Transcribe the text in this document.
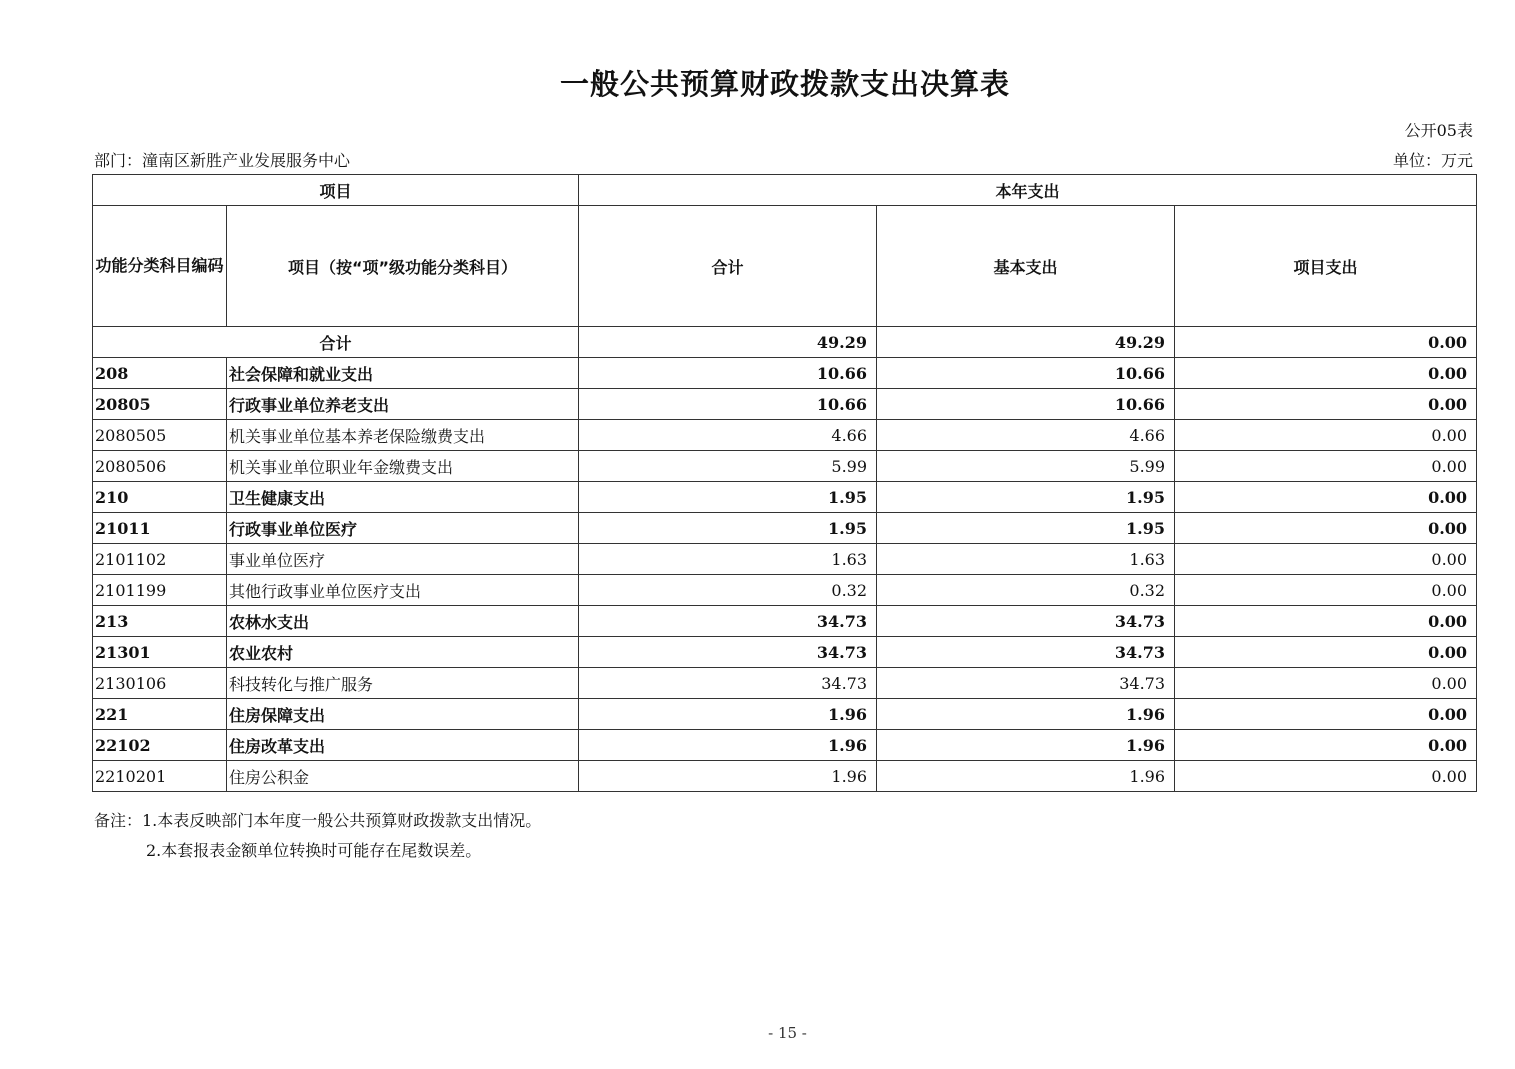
一般公共预算财政拨款支出决算表
公开05表
部门：潼南区新胜产业发展服务中心	单位：万元
项目		本年支出		
功能分类科目编码	项目（按“项”级功能分类科目）	合计	基本支出	项目支出
合计		49.29	49.29	0.00
208	社会保障和就业支出	10.66	10.66	0.00
20805	行政事业单位养老支出	10.66	10.66	0.00
2080505	机关事业单位基本养老保险缴费支出	4.66	4.66	0.00
2080506	机关事业单位职业年金缴费支出	5.99	5.99	0.00
210	卫生健康支出	1.95	1.95	0.00
21011	行政事业单位医疗	1.95	1.95	0.00
2101102	事业单位医疗	1.63	1.63	0.00
2101199	其他行政事业单位医疗支出	0.32	0.32	0.00
213	农林水支出	34.73	34.73	0.00
21301	农业农村	34.73	34.73	0.00
2130106	科技转化与推广服务	34.73	34.73	0.00
221	住房保障支出	1.96	1.96	0.00
22102	住房改革支出	1.96	1.96	0.00
2210201	住房公积金	1.96	1.96	0.00
备注：1.本表反映部门本年度一般公共预算财政拨款支出情况。
2.本套报表金额单位转换时可能存在尾数误差。
- 15 -
